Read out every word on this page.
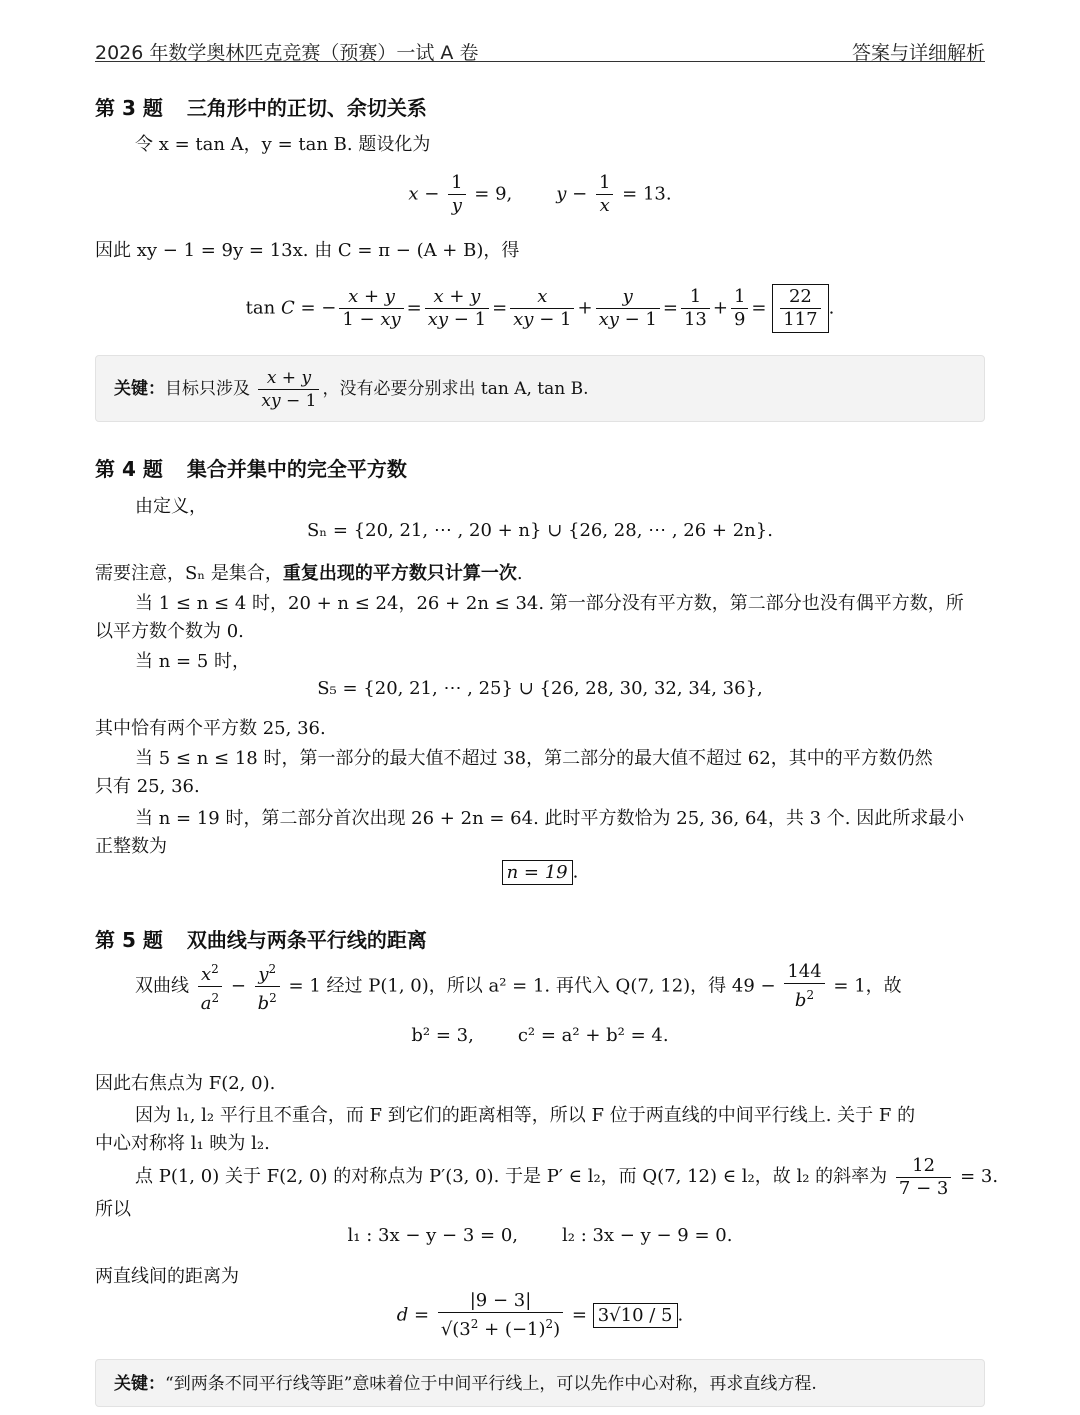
2026 年数学奥林匹克竞赛（预赛）一试 A 卷	答案与详细解析
第 3 题 三角形中的正切、余切关系
令 x = tan A，y = tan B. 题设化为
$x - \frac{1}{y} = 9$, $y - \frac{1}{x} = 13$.
因此 xy − 1 = 9y = 13x. 由 C = π − (A + B)，得
tan C = − $\frac{x + y}{1 - xy} = \frac{x + y}{xy - 1} = \frac{x}{xy - 1} + \frac{y}{xy - 1} = \frac{1}{13} + \frac{1}{9} = \frac{22}{117}$ .
关键：目标只涉及 $\frac{x + y}{xy - 1}$ ，没有必要分别求出 tan A, tan B.
第 4 题 集合并集中的完全平方数
由定义，
Sₙ = {20, 21, ⋯ , 20 + n} ∪ {26, 28, ⋯ , 26 + 2n}.
需要注意，Sₙ 是集合，重复出现的平方数只计算一次.
当 1 ≤ n ≤ 4 时，20 + n ≤ 24，26 + 2n ≤ 34. 第一部分没有平方数，第二部分也没有偶平方数，所
以平方数个数为 0.
当 n = 5 时，
S₅ = {20, 21, ⋯ , 25} ∪ {26, 28, 30, 32, 34, 36},
其中恰有两个平方数 25, 36.
当 5 ≤ n ≤ 18 时，第一部分的最大值不超过 38，第二部分的最大值不超过 62，其中的平方数仍然
只有 25, 36.
当 n = 19 时，第二部分首次出现 26 + 2n = 64. 此时平方数恰为 25, 36, 64，共 3 个. 因此所求最小
正整数为
n = 19 .
第 5 题 双曲线与两条平行线的距离
双曲线 $\frac{x^2}{a^2} - \frac{y^2}{b^2} = 1$ 经过 P(1, 0)，所以 a² = 1. 再代入 Q(7, 12)，得 $49 - \frac{144}{b^2} = 1$，故
b² = 3, c² = a² + b² = 4.
因此右焦点为 F(2, 0).
因为 l₁, l₂ 平行且不重合，而 F 到它们的距离相等，所以 F 位于两直线的中间平行线上. 关于 F 的
中心对称将 l₁ 映为 l₂.
点 P(1, 0) 关于 F(2, 0) 的对称点为 P′(3, 0). 于是 P′ ∈ l₂，而 Q(7, 12) ∈ l₂，故 l₂ 的斜率为 $\frac{12}{7 - 3} = 3$.
所以
l₁ : 3x − y − 3 = 0, l₂ : 3x − y − 9 = 0.
两直线间的距离为
$d = \frac{|9 - 3|}{√(3^2 + (-1)^2)} = 3√10 / 5$ .
关键：“到两条不同平行线等距”意味着位于中间平行线上，可以先作中心对称，再求直线方程.
